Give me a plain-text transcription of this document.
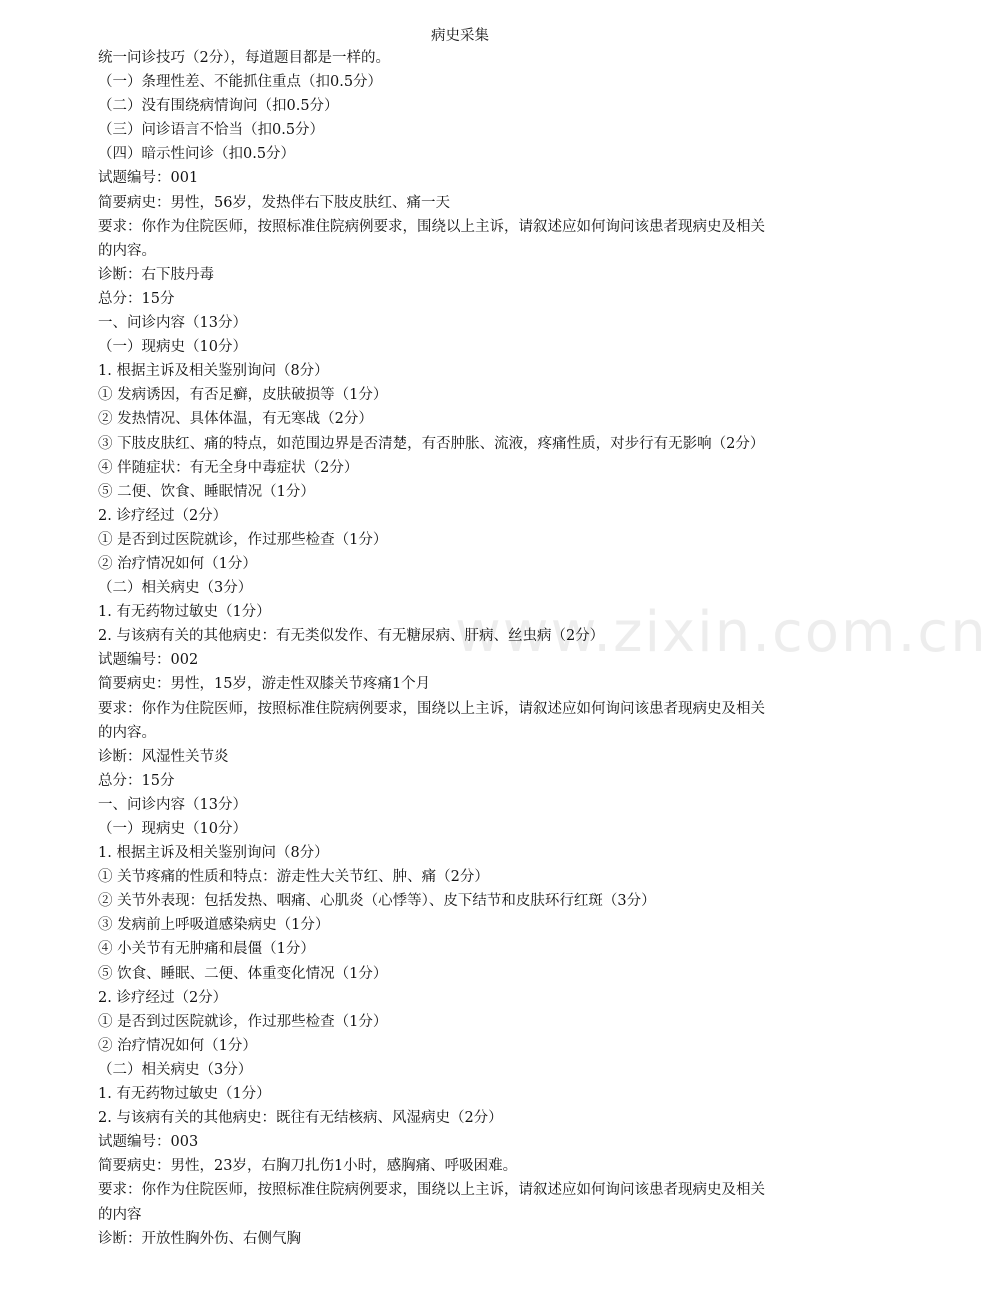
病史采集
统一问诊技巧（2分），每道题目都是一样的。
（一）条理性差、不能抓住重点（扣0.5分）
（二）没有围绕病情询问（扣0.5分）
（三）问诊语言不恰当（扣0.5分）
（四）暗示性问诊（扣0.5分）
试题编号：001
简要病史：男性，56岁，发热伴右下肢皮肤红、痛一天
要求：你作为住院医师，按照标准住院病例要求，围绕以上主诉，请叙述应如何询问该患者现病史及相关
的内容。
诊断：右下肢丹毒
总分：15分
一、问诊内容（13分）
（一）现病史（10分）
1. 根据主诉及相关鉴别询问（8分）
① 发病诱因，有否足癣，皮肤破损等（1分）
② 发热情况、具体体温，有无寒战（2分）
③ 下肢皮肤红、痛的特点，如范围边界是否清楚，有否肿胀、流液，疼痛性质，对步行有无影响（2分）
④ 伴随症状：有无全身中毒症状（2分）
⑤ 二便、饮食、睡眠情况（1分）
2. 诊疗经过（2分）
① 是否到过医院就诊，作过那些检查（1分）
② 治疗情况如何（1分）
（二）相关病史（3分）
1. 有无药物过敏史（1分）
2. 与该病有关的其他病史：有无类似发作、有无糖尿病、肝病、丝虫病（2分）
试题编号：002
简要病史：男性，15岁，游走性双膝关节疼痛1个月
要求：你作为住院医师，按照标准住院病例要求，围绕以上主诉，请叙述应如何询问该患者现病史及相关
的内容。
诊断：风湿性关节炎
总分：15分
一、问诊内容（13分）
（一）现病史（10分）
1. 根据主诉及相关鉴别询问（8分）
① 关节疼痛的性质和特点：游走性大关节红、肿、痛（2分）
② 关节外表现：包括发热、咽痛、心肌炎（心悸等）、皮下结节和皮肤环行红斑（3分）
③ 发病前上呼吸道感染病史（1分）
④ 小关节有无肿痛和晨僵（1分）
⑤ 饮食、睡眠、二便、体重变化情况（1分）
2. 诊疗经过（2分）
① 是否到过医院就诊，作过那些检查（1分）
② 治疗情况如何（1分）
（二）相关病史（3分）
1. 有无药物过敏史（1分）
2. 与该病有关的其他病史：既往有无结核病、风湿病史（2分）
试题编号：003
简要病史：男性，23岁，右胸刀扎伤1小时，感胸痛、呼吸困难。
要求：你作为住院医师，按照标准住院病例要求，围绕以上主诉，请叙述应如何询问该患者现病史及相关
的内容
诊断：开放性胸外伤、右侧气胸
www.zixin.com.cn
